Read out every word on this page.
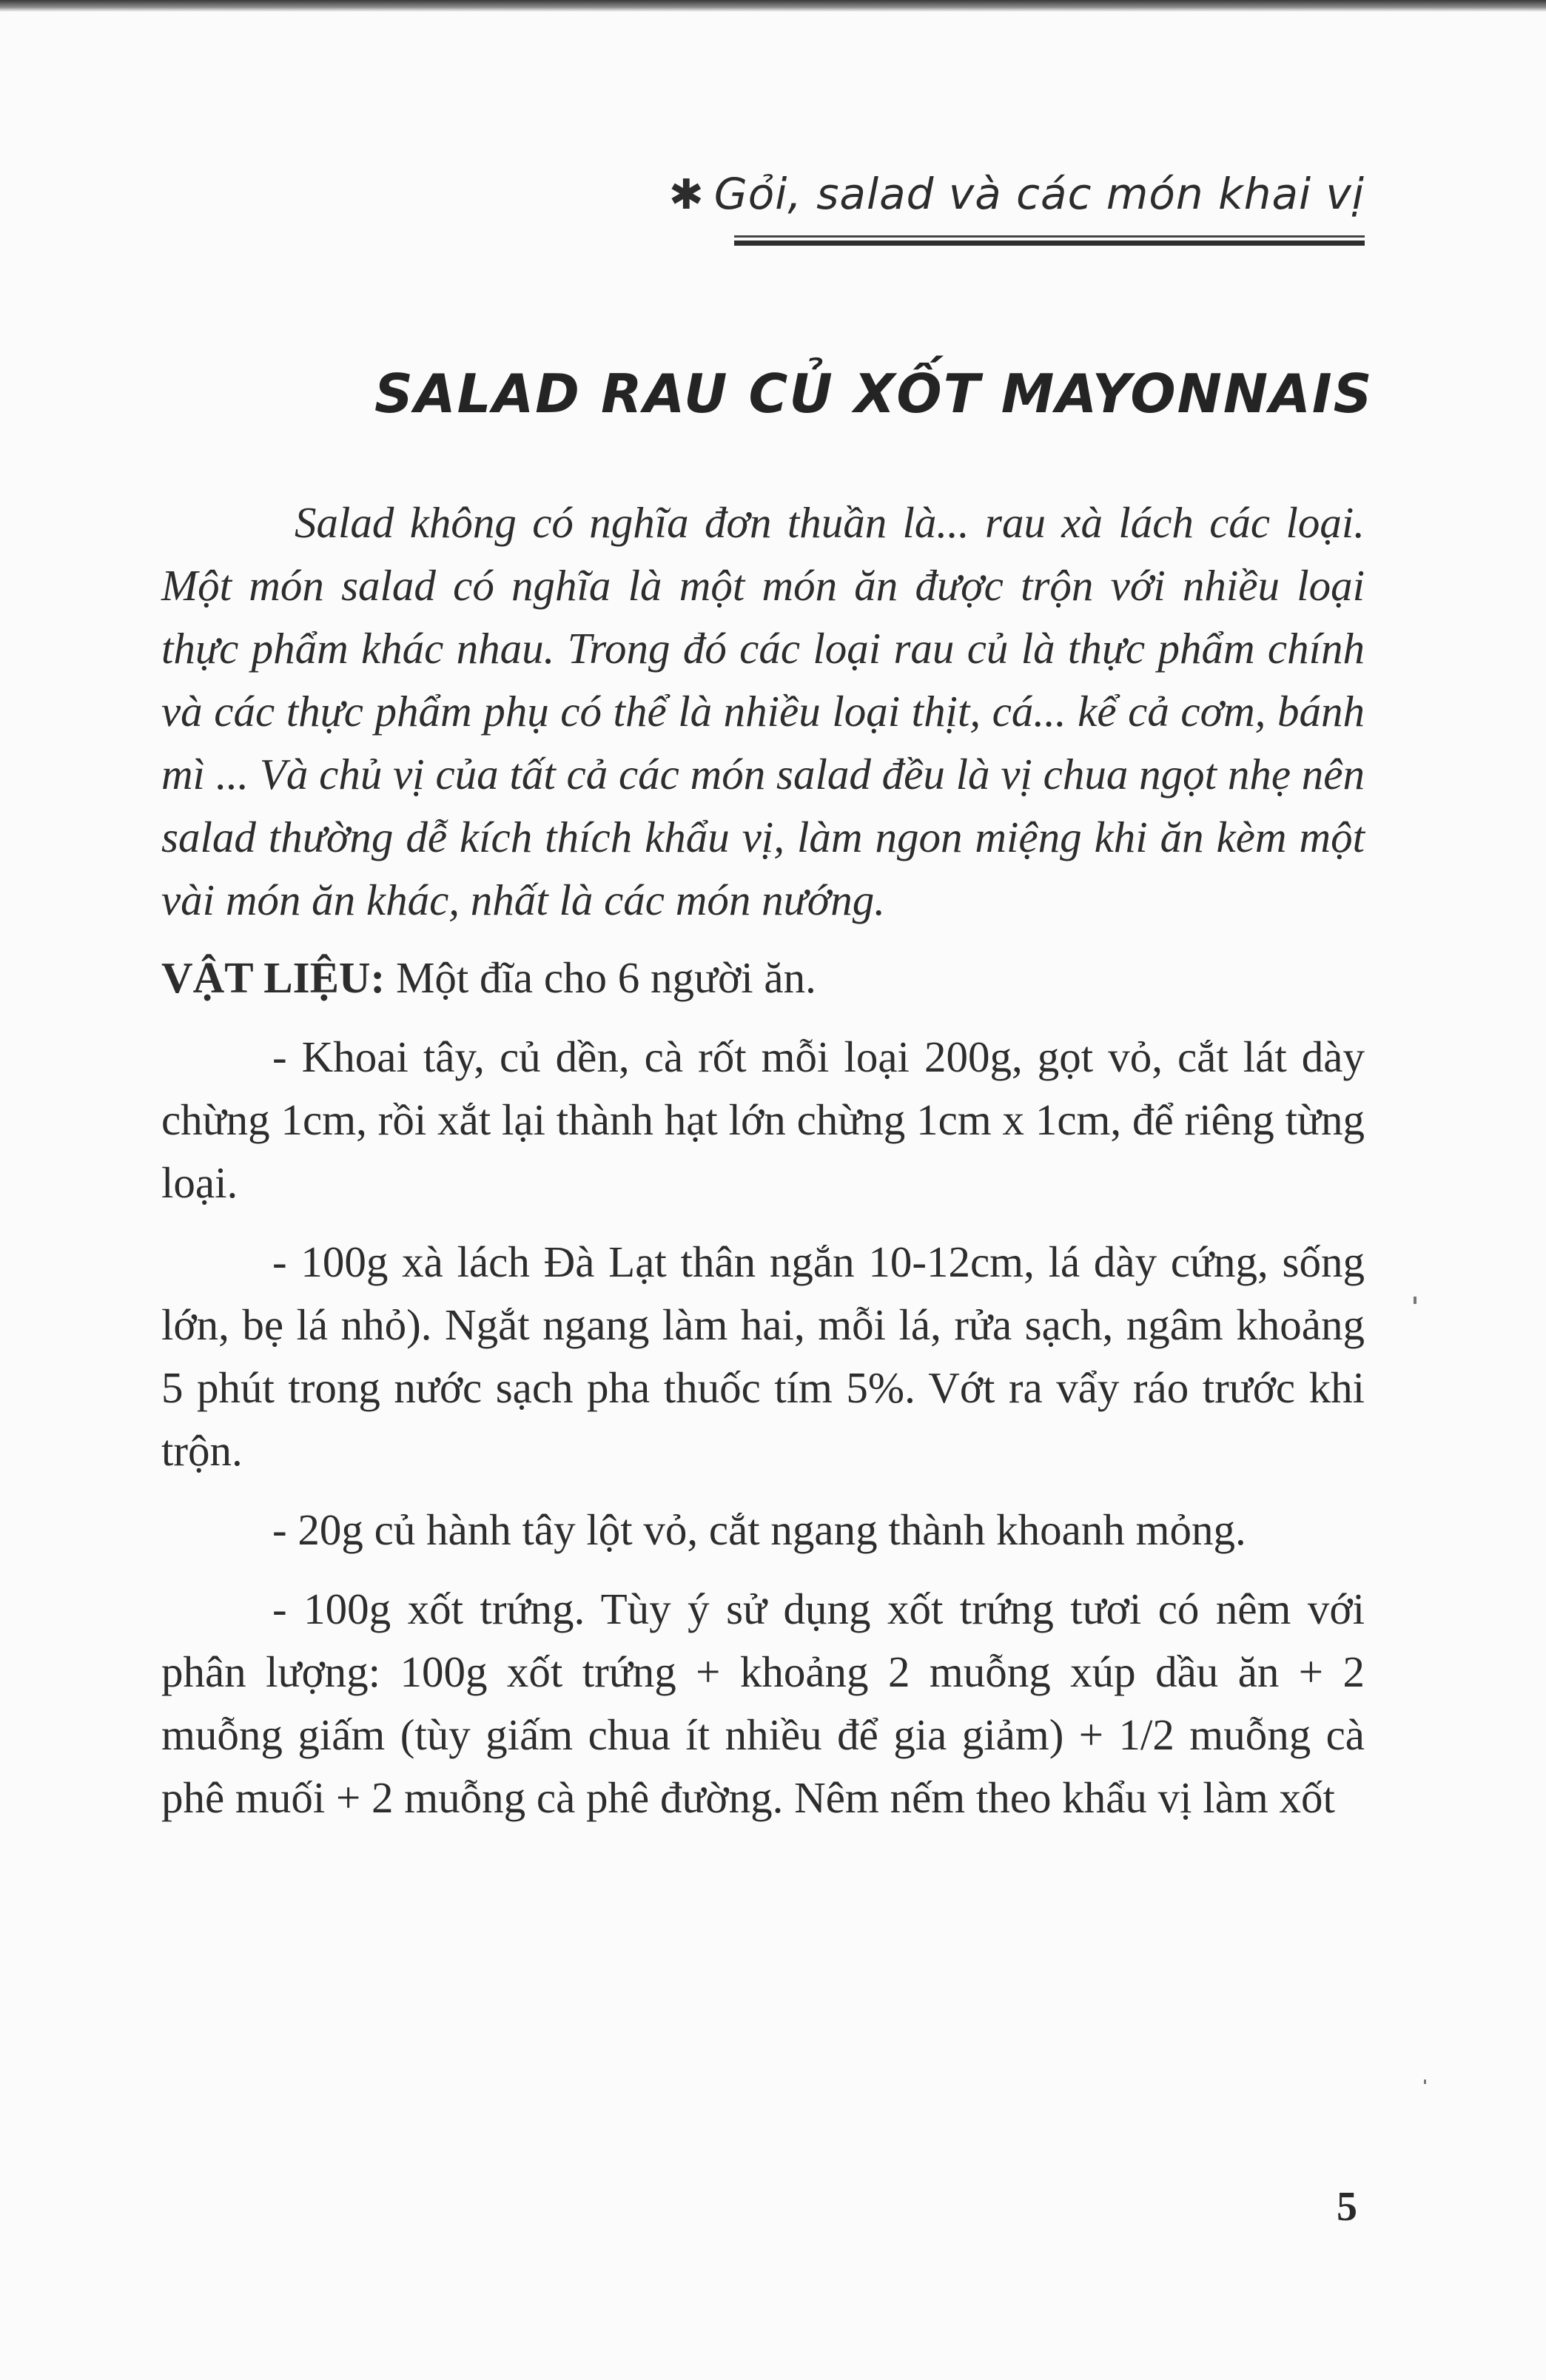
✱ Gỏi, salad và các món khai vị
SALAD RAU CỦ XỐT MAYONNAIS

Salad không có nghĩa đơn thuần là... rau xà lách các loại. Một món salad có nghĩa là một món ăn được trộn với nhiều loại thực phẩm khác nhau. Trong đó các loại rau củ là thực phẩm chính và các thực phẩm phụ có thể là nhiều loại thịt, cá... kể cả cơm, bánh mì ... Và chủ vị của tất cả các món salad đều là vị chua ngọt nhẹ nên salad thường dễ kích thích khẩu vị, làm ngon miệng khi ăn kèm một vài món ăn khác, nhất là các món nướng.

VẬT LIỆU: Một đĩa cho 6 người ăn.

- Khoai tây, củ dền, cà rốt mỗi loại 200g, gọt vỏ, cắt lát dày chừng 1cm, rồi xắt lại thành hạt lớn chừng 1cm x 1cm, để riêng từng loại.

- 100g xà lách Đà Lạt thân ngắn 10-12cm, lá dày cứng, sống lớn, bẹ lá nhỏ). Ngắt ngang làm hai, mỗi lá, rửa sạch, ngâm khoảng 5 phút trong nước sạch pha thuốc tím 5%. Vớt ra vẩy ráo trước khi trộn.

- 20g củ hành tây lột vỏ, cắt ngang thành khoanh mỏng.

- 100g xốt trứng. Tùy ý sử dụng xốt trứng tươi có nêm với phân lượng: 100g xốt trứng + khoảng 2 muỗng xúp dầu ăn + 2 muỗng giấm (tùy giấm chua ít nhiều để gia giảm) + 1/2 muỗng cà phê muối + 2 muỗng cà phê đường. Nêm nếm theo khẩu vị làm xốt

5
